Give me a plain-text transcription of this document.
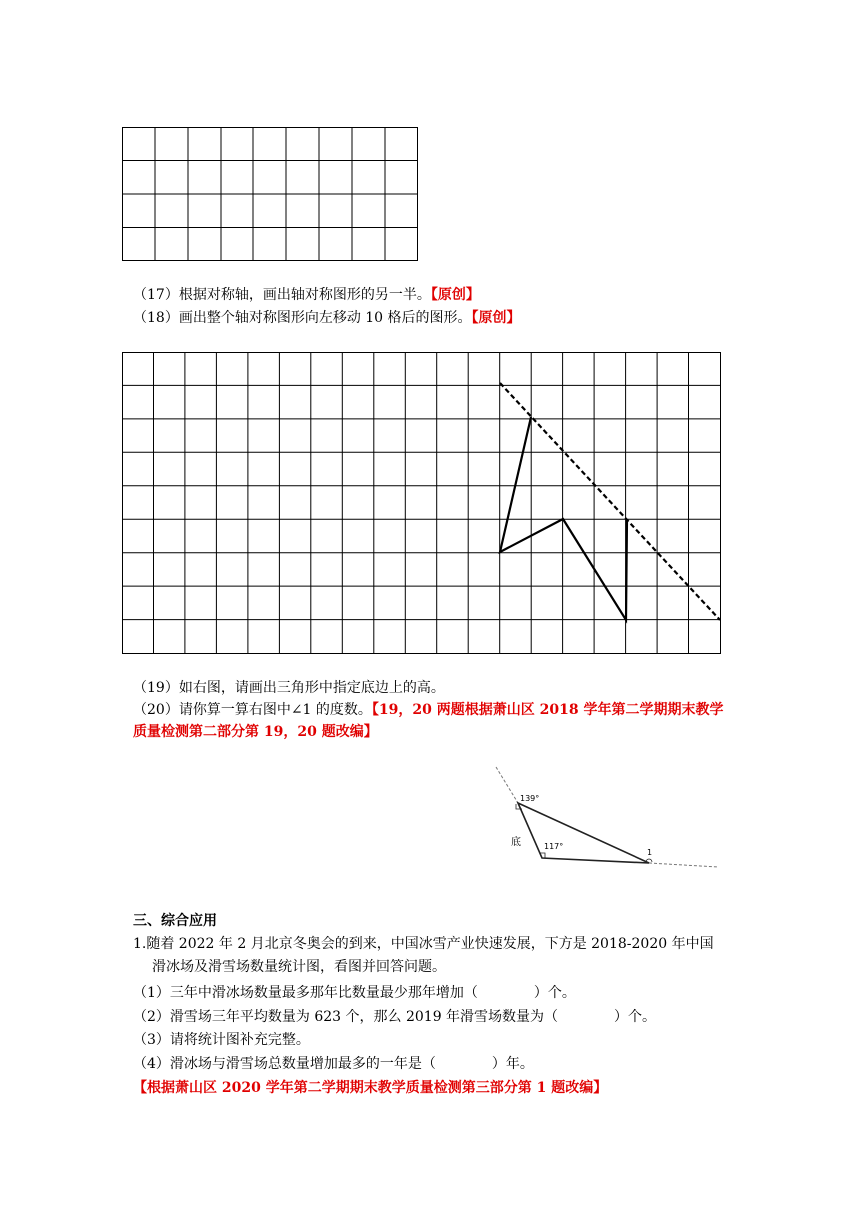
（17）根据对称轴，画出轴对称图形的另一半。【原创】
（18）画出整个轴对称图形向左移动 10 格后的图形。【原创】
（19）如右图，请画出三角形中指定底边上的高。
（20）请你算一算右图中∠1 的度数。【19，20 两题根据萧山区 2018 学年第二学期期末教学
质量检测第二部分第 19，20 题改编】
139°
117°
底
1
三、综合应用
1.随着 2022 年 2 月北京冬奥会的到来，中国冰雪产业快速发展，下方是 2018-2020 年中国
滑冰场及滑雪场数量统计图，看图并回答问题。
（1）三年中滑冰场数量最多那年比数量最少那年增加（　　　　）个。
（2）滑雪场三年平均数量为 623 个，那么 2019 年滑雪场数量为（　　　　）个。
（3）请将统计图补充完整。
（4）滑冰场与滑雪场总数量增加最多的一年是（　　　　）年。
【根据萧山区 2020 学年第二学期期末教学质量检测第三部分第 1 题改编】
